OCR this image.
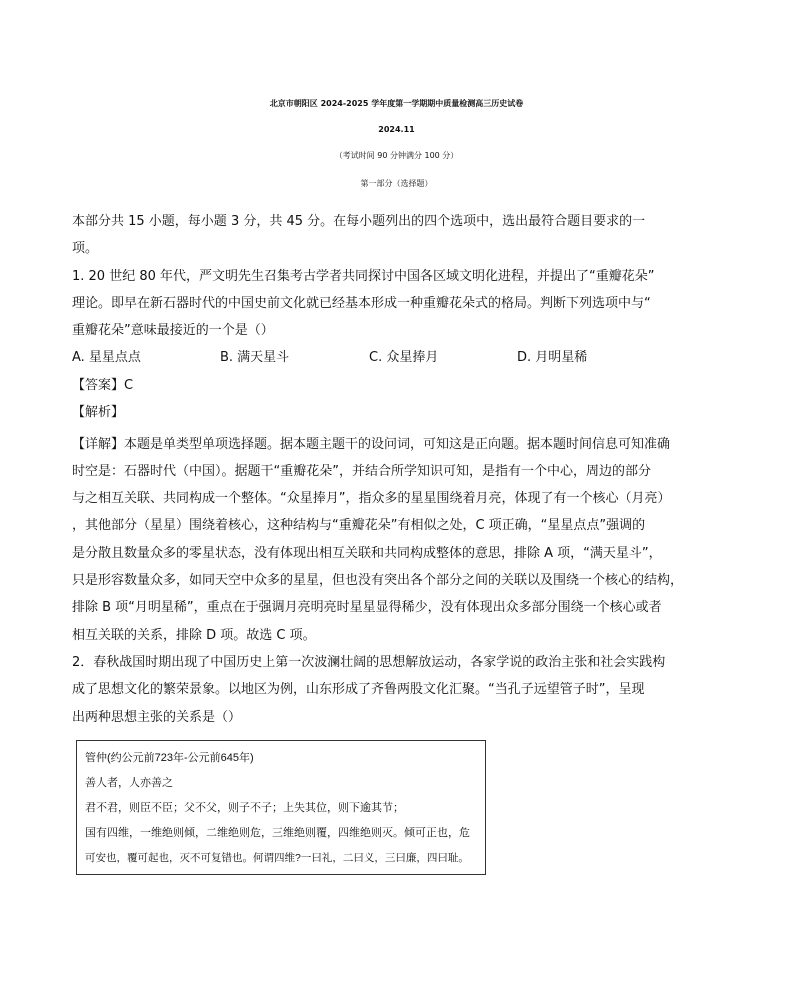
北京市朝阳区 2024-2025 学年度第一学期期中质量检测高三历史试卷
2024.11
（考试时间 90 分钟满分 100 分）
第一部分（选择题）
本部分共 15 小题，每小题 3 分，共 45 分。在每小题列出的四个选项中，选出最符合题目要求的一
项。
1. 20 世纪 80 年代，严文明先生召集考古学者共同探讨中国各区域文明化进程，并提出了“重瓣花朵”
理论。即早在新石器时代的中国史前文化就已经基本形成一种重瓣花朵式的格局。判断下列选项中与“
重瓣花朵”意味最接近的一个是（）
A. 星星点点	B. 满天星斗	C. 众星捧月	D. 月明星稀
【答案】C
【解析】
【详解】本题是单类型单项选择题。据本题主题干的设问词，可知这是正向题。据本题时间信息可知准确
时空是：石器时代（中国）。据题干“重瓣花朵”，并结合所学知识可知，是指有一个中心，周边的部分
与之相互关联、共同构成一个整体。“众星捧月”，指众多的星星围绕着月亮，体现了有一个核心（月亮）
，其他部分（星星）围绕着核心，这种结构与“重瓣花朵”有相似之处，C 项正确，“星星点点”强调的
是分散且数量众多的零星状态，没有体现出相互关联和共同构成整体的意思，排除 A 项，“满天星斗”，
只是形容数量众多，如同天空中众多的星星，但也没有突出各个部分之间的关联以及围绕一个核心的结构，
排除 B 项“月明星稀”，重点在于强调月亮明亮时星星显得稀少，没有体现出众多部分围绕一个核心或者
相互关联的关系，排除 D 项。故选 C 项。
2．春秋战国时期出现了中国历史上第一次波澜壮阔的思想解放运动，各家学说的政治主张和社会实践构
成了思想文化的繁荣景象。以地区为例，山东形成了齐鲁两股文化汇聚。“当孔子远望管子时”，呈现
出两种思想主张的关系是（）
管仲(约公元前723年-公元前645年)
善人者，人亦善之
君不君，则臣不臣；父不父，则子不子；上失其位，则下逾其节；
国有四维，一维绝则倾，二维绝则危，三维绝则覆，四维绝则灭。倾可正也，危
可安也，覆可起也，灭不可复错也。何谓四维?一曰礼，二曰义，三曰廉，四曰耻。
